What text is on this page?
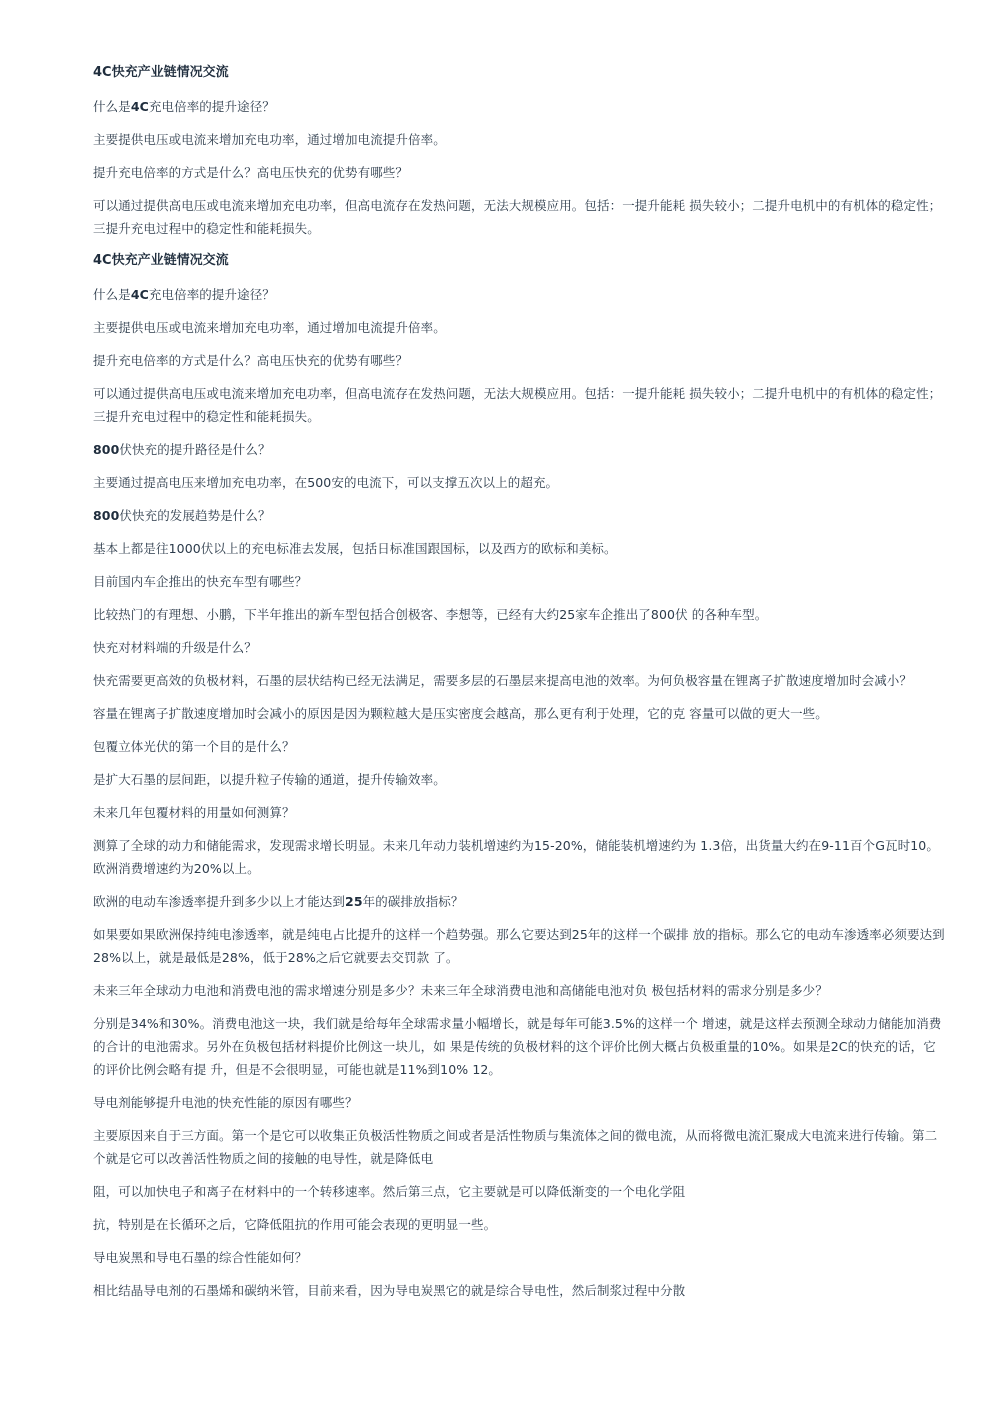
4C快充产业链情况交流
什么是4C充电倍率的提升途径？
主要提供电压或电流来增加充电功率，通过增加电流提升倍率。
提升充电倍率的方式是什么？高电压快充的优势有哪些？
可以通过提供高电压或电流来增加充电功率，但高电流存在发热问题，无法大规模应用。包括：一提升能耗 损失较小；二提升电机中的有机体的稳定性；三提升充电过程中的稳定性和能耗损失。
4C快充产业链情况交流
什么是4C充电倍率的提升途径？
主要提供电压或电流来增加充电功率，通过增加电流提升倍率。
提升充电倍率的方式是什么？高电压快充的优势有哪些？
可以通过提供高电压或电流来增加充电功率，但高电流存在发热问题，无法大规模应用。包括：一提升能耗 损失较小；二提升电机中的有机体的稳定性；三提升充电过程中的稳定性和能耗损失。
800伏快充的提升路径是什么？
主要通过提高电压来增加充电功率，在500安的电流下，可以支撑五次以上的超充。
800伏快充的发展趋势是什么？
基本上都是往1000伏以上的充电标准去发展，包括日标准国跟国标，以及西方的欧标和美标。
目前国内车企推出的快充车型有哪些？
比较热门的有理想、小鹏，下半年推出的新车型包括合创极客、李想等，已经有大约25家车企推出了800伏 的各种车型。
快充对材料端的升级是什么？
快充需要更高效的负极材料，石墨的层状结构已经无法满足，需要多层的石墨层来提高电池的效率。为何负极容量在锂离子扩散速度增加时会减小？
容量在锂离子扩散速度增加时会减小的原因是因为颗粒越大是压实密度会越高，那么更有利于处理，它的克 容量可以做的更大一些。
包覆立体光伏的第一个目的是什么？
是扩大石墨的层间距，以提升粒子传输的通道，提升传输效率。
未来几年包覆材料的用量如何测算？
测算了全球的动力和储能需求，发现需求增长明显。未来几年动力装机增速约为15-20%，储能装机增速约为 1.3倍，出货量大约在9-11百个G瓦时10。欧洲消费增速约为20%以上。
欧洲的电动车渗透率提升到多少以上才能达到25年的碳排放指标？
如果要如果欧洲保持纯电渗透率，就是纯电占比提升的这样一个趋势强。那么它要达到25年的这样一个碳排 放的指标。那么它的电动车渗透率必须要达到28%以上，就是最低是28%，低于28%之后它就要去交罚款 了。
未来三年全球动力电池和消费电池的需求增速分别是多少？未来三年全球消费电池和高储能电池对负 极包括材料的需求分别是多少？
分别是34%和30%。消费电池这一块，我们就是给每年全球需求量小幅增长，就是每年可能3.5%的这样一个 增速，就是这样去预测全球动力储能加消费的合计的电池需求。另外在负极包括材料提价比例这一块儿，如 果是传统的负极材料的这个评价比例大概占负极重量的10%。如果是2C的快充的话，它的评价比例会略有提 升，但是不会很明显，可能也就是11%到10% 12。
导电剂能够提升电池的快充性能的原因有哪些？
主要原因来自于三方面。第一个是它可以收集正负极活性物质之间或者是活性物质与集流体之间的微电流，从而将微电流汇聚成大电流来进行传输。第二个就是它可以改善活性物质之间的接触的电导性，就是降低电
阻，可以加快电子和离子在材料中的一个转移速率。然后第三点，它主要就是可以降低渐变的一个电化学阻
抗，特别是在长循环之后，它降低阻抗的作用可能会表现的更明显一些。
导电炭黑和导电石墨的综合性能如何？
相比结晶导电剂的石墨烯和碳纳米管，目前来看，因为导电炭黑它的就是综合导电性，然后制浆过程中分散
